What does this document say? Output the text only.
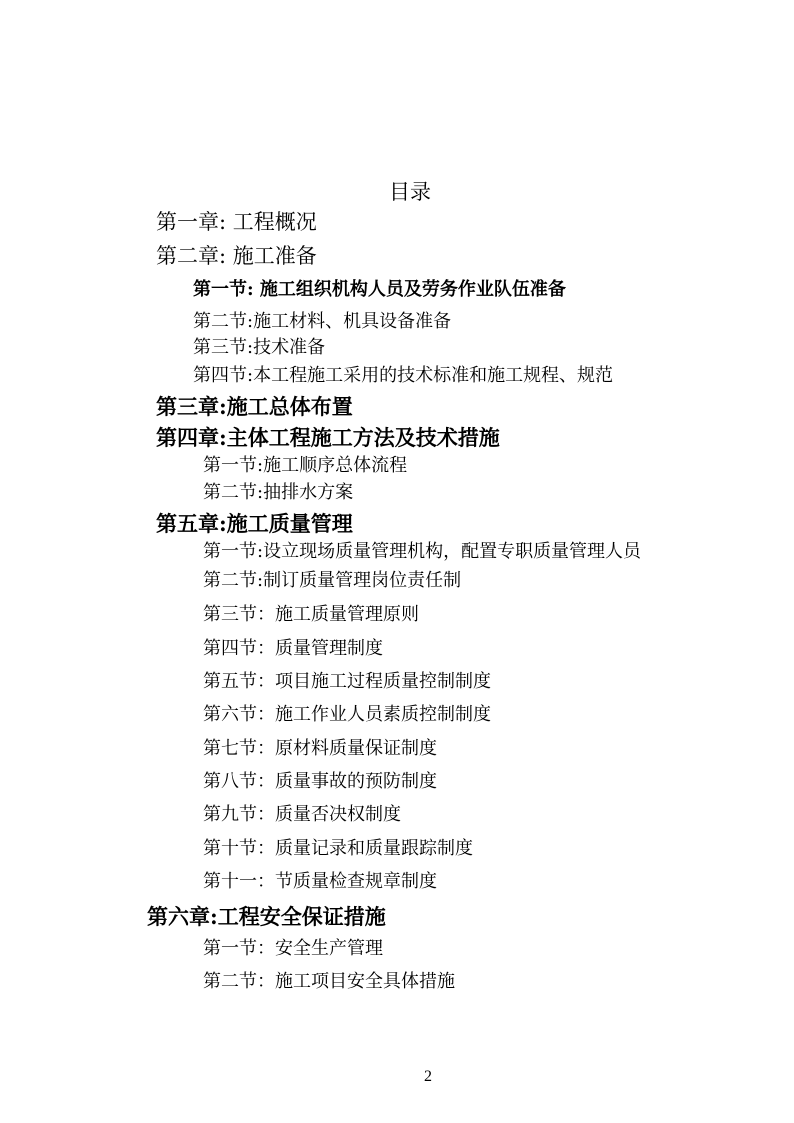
目录
第一章: 工程概况
第二章: 施工准备
第一节: 施工组织机构人员及劳务作业队伍准备
第二节:施工材料、机具设备准备
第三节:技术准备
第四节:本工程施工采用的技术标准和施工规程、规范
第三章:施工总体布置
第四章:主体工程施工方法及技术措施
第一节:施工顺序总体流程
第二节:抽排水方案
第五章:施工质量管理
第一节:设立现场质量管理机构，配置专职质量管理人员
第二节:制订质量管理岗位责任制
第三节：施工质量管理原则
第四节：质量管理制度
第五节：项目施工过程质量控制制度
第六节：施工作业人员素质控制制度
第七节：原材料质量保证制度
第八节：质量事故的预防制度
第九节：质量否决权制度
第十节：质量记录和质量跟踪制度
第十一：节质量检查规章制度
第六章:工程安全保证措施
第一节：安全生产管理
第二节：施工项目安全具体措施
2
